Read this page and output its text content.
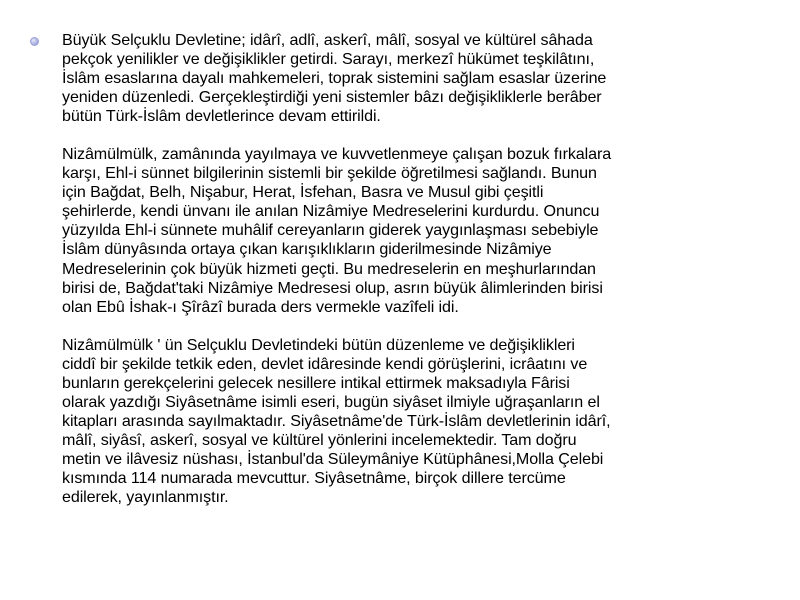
Büyük Selçuklu Devletine; idârî, adlî, askerî, mâlî, sosyal ve kültürel sâhada
pekçok yenilikler ve değişiklikler getirdi. Sarayı, merkezî hükümet teşkilâtını,
İslâm esaslarına dayalı mahkemeleri, toprak sistemini sağlam esaslar üzerine
yeniden düzenledi. Gerçekleştirdiği yeni sistemler bâzı değişikliklerle berâber
bütün Türk-İslâm devletlerince devam ettirildi.

Nizâmülmülk, zamânında yayılmaya ve kuvvetlenmeye çalışan bozuk fırkalara
karşı, Ehl-i sünnet bilgilerinin sistemli bir şekilde öğretilmesi sağlandı. Bunun
için Bağdat, Belh, Nişabur, Herat, İsfehan, Basra ve Musul gibi çeşitli
şehirlerde, kendi ünvanı ile anılan Nizâmiye Medreselerini kurdurdu. Onuncu
yüzyılda Ehl-i sünnete muhâlif cereyanların giderek yaygınlaşması sebebiyle
İslâm dünyâsında ortaya çıkan karışıklıkların giderilmesinde Nizâmiye
Medreselerinin çok büyük hizmeti geçti. Bu medreselerin en meşhurlarından
birisi de, Bağdat'taki Nizâmiye Medresesi olup, asrın büyük âlimlerinden birisi
olan Ebû İshak-ı Şîrâzî burada ders vermekle vazîfeli idi.

Nizâmülmülk ' ün Selçuklu Devletindeki bütün düzenleme ve değişiklikleri
ciddî bir şekilde tetkik eden, devlet idâresinde kendi görüşlerini, icrâatını ve
bunların gerekçelerini gelecek nesillere intikal ettirmek maksadıyla Fârisi
olarak yazdığı Siyâsetnâme isimli eseri, bugün siyâset ilmiyle uğraşanların el
kitapları arasında sayılmaktadır. Siyâsetnâme'de Türk-İslâm devletlerinin idârî,
mâlî, siyâsî, askerî, sosyal ve kültürel yönlerini incelemektedir. Tam doğru
metin ve ilâvesiz nüshası, İstanbul'da Süleymâniye Kütüphânesi,Molla Çelebi
kısmında 114 numarada mevcuttur. Siyâsetnâme, birçok dillere tercüme
edilerek, yayınlanmıştır.
